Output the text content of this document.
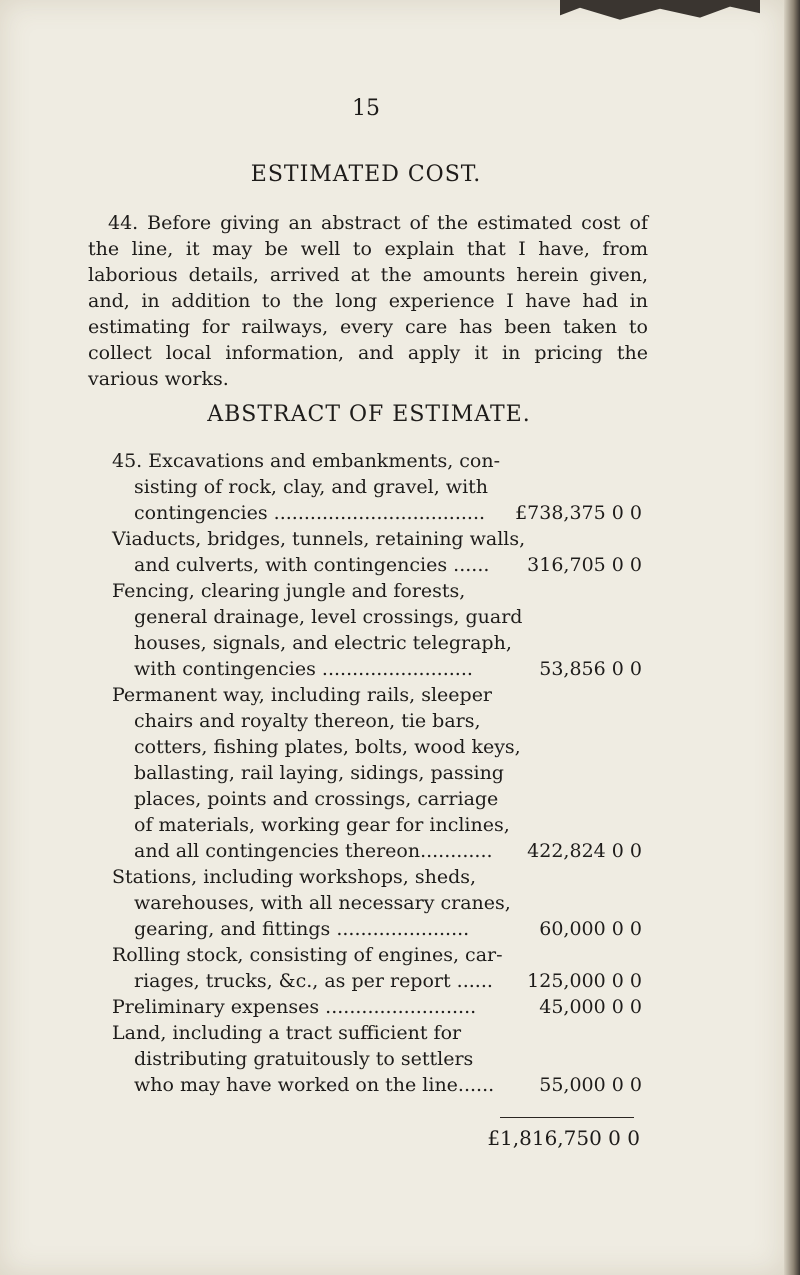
15
ESTIMATED COST.
44. Before giving an abstract of the estimated cost of the line, it may be well to explain that I have, from laborious details, arrived at the amounts herein given, and, in addition to the long experience I have had in estimating for railways, every care has been taken to collect local information, and apply it in pricing the various works.
ABSTRACT OF ESTIMATE.
45. Excavations and embankments, con-
sisting of rock, clay, and gravel, with
contingencies ...................................	£738,375 0 0
Viaducts, bridges, tunnels, retaining walls,
and culverts, with contingencies ......	316,705 0 0
Fencing, clearing jungle and forests,
general drainage, level crossings, guard
houses, signals, and electric telegraph,
with contingencies .........................	53,856 0 0
Permanent way, including rails, sleeper
chairs and royalty thereon, tie bars,
cotters, fishing plates, bolts, wood keys,
ballasting, rail laying, sidings, passing
places, points and crossings, carriage
of materials, working gear for inclines,
and all contingencies thereon............	422,824 0 0
Stations, including workshops, sheds,
warehouses, with all necessary cranes,
gearing, and fittings ......................	60,000 0 0
Rolling stock, consisting of engines, car-
riages, trucks, &c., as per report ......	125,000 0 0
Preliminary expenses .........................	45,000 0 0
Land, including a tract sufficient for
distributing gratuitously to settlers
who may have worked on the line......	55,000 0 0
£1,816,750 0 0
